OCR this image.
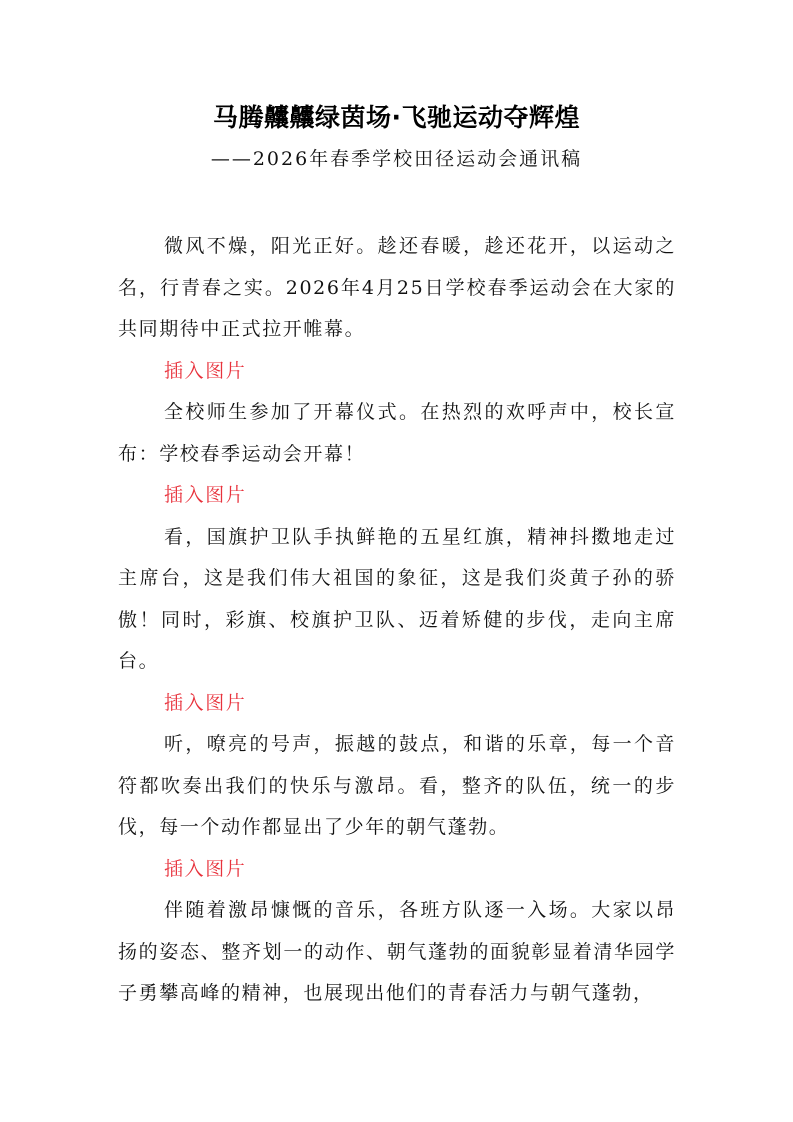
马腾齉齉绿茵场·飞驰运动夺辉煌
——2026年春季学校田径运动会通讯稿

微风不燥，阳光正好。趁还春暖，趁还花开，以运动之名，行青春之实。2026年4月25日学校春季运动会在大家的共同期待中正式拉开帷幕。

插入图片

全校师生参加了开幕仪式。在热烈的欢呼声中，校长宣布：学校春季运动会开幕！

插入图片

看，国旗护卫队手执鲜艳的五星红旗，精神抖擞地走过主席台，这是我们伟大祖国的象征，这是我们炎黄子孙的骄傲！同时，彩旗、校旗护卫队、迈着矫健的步伐，走向主席台。

插入图片

听，嘹亮的号声，振越的鼓点，和谐的乐章，每一个音符都吹奏出我们的快乐与激昂。看，整齐的队伍，统一的步伐，每一个动作都显出了少年的朝气蓬勃。

插入图片

伴随着激昂慷慨的音乐，各班方队逐一入场。大家以昂扬的姿态、整齐划一的动作、朝气蓬勃的面貌彰显着清华园学子勇攀高峰的精神，也展现出他们的青春活力与朝气蓬勃，
